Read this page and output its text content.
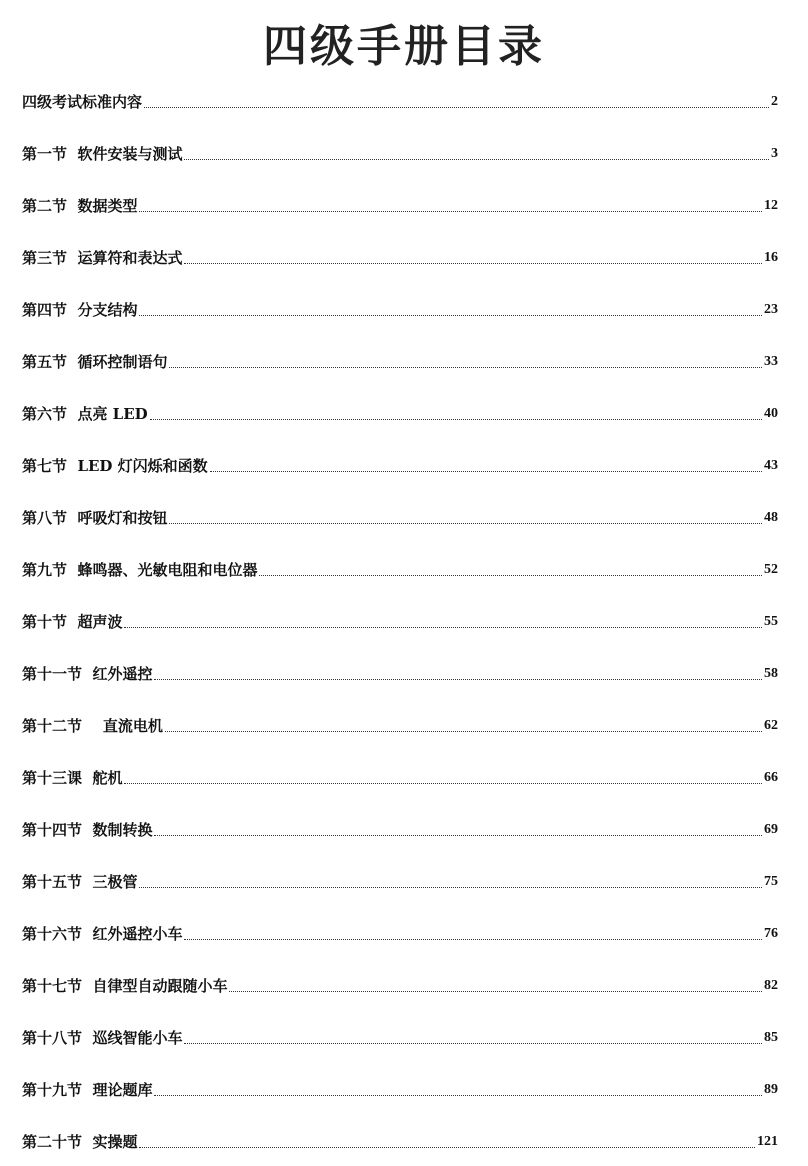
四级手册目录
四级考试标准内容	2
第一节  软件安装与测试	3
第二节  数据类型	12
第三节  运算符和表达式	16
第四节  分支结构	23
第五节  循环控制语句	33
第六节  点亮 LED	40
第七节  LED 灯闪烁和函数	43
第八节  呼吸灯和按钮	48
第九节  蜂鸣器、光敏电阻和电位器	52
第十节  超声波	55
第十一节  红外遥控	58
第十二节    直流电机	62
第十三课  舵机	66
第十四节  数制转换	69
第十五节  三极管	75
第十六节  红外遥控小车	76
第十七节  自律型自动跟随小车	82
第十八节  巡线智能小车	85
第十九节  理论题库	89
第二十节  实操题	121
